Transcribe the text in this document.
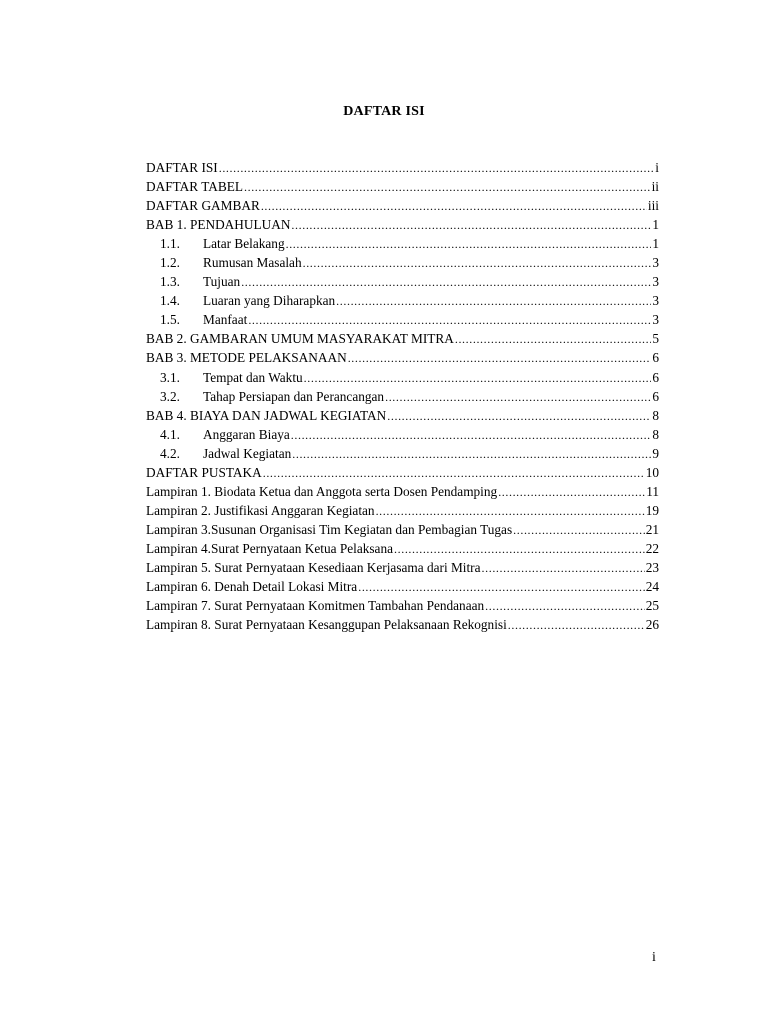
DAFTAR ISI
DAFTAR ISI .....	i
DAFTAR TABEL .....	ii
DAFTAR GAMBAR .....	iii
BAB 1. PENDAHULUAN .....	1
1.1.	Latar Belakang .....	1
1.2.	Rumusan Masalah .....	3
1.3.	Tujuan .....	3
1.4.	Luaran yang Diharapkan .....	3
1.5.	Manfaat .....	3
BAB 2. GAMBARAN UMUM MASYARAKAT MITRA .....	5
BAB 3. METODE PELAKSANAAN .....	6
3.1.	Tempat dan Waktu .....	6
3.2.	Tahap Persiapan dan Perancangan .....	6
BAB 4. BIAYA DAN JADWAL KEGIATAN .....	8
4.1.	Anggaran Biaya .....	8
4.2.	Jadwal Kegiatan .....	9
DAFTAR PUSTAKA .....	10
Lampiran 1. Biodata Ketua dan Anggota serta Dosen Pendamping .....	11
Lampiran 2. Justifikasi Anggaran Kegiatan .....	19
Lampiran 3.Susunan Organisasi Tim Kegiatan dan Pembagian Tugas .....	21
Lampiran 4.Surat Pernyataan Ketua Pelaksana .....	22
Lampiran 5. Surat Pernyataan Kesediaan Kerjasama dari Mitra .....	23
Lampiran 6. Denah Detail Lokasi Mitra .....	24
Lampiran 7. Surat Pernyataan Komitmen Tambahan Pendanaan .....	25
Lampiran 8. Surat Pernyataan Kesanggupan Pelaksanaan Rekognisi .....	26
i
